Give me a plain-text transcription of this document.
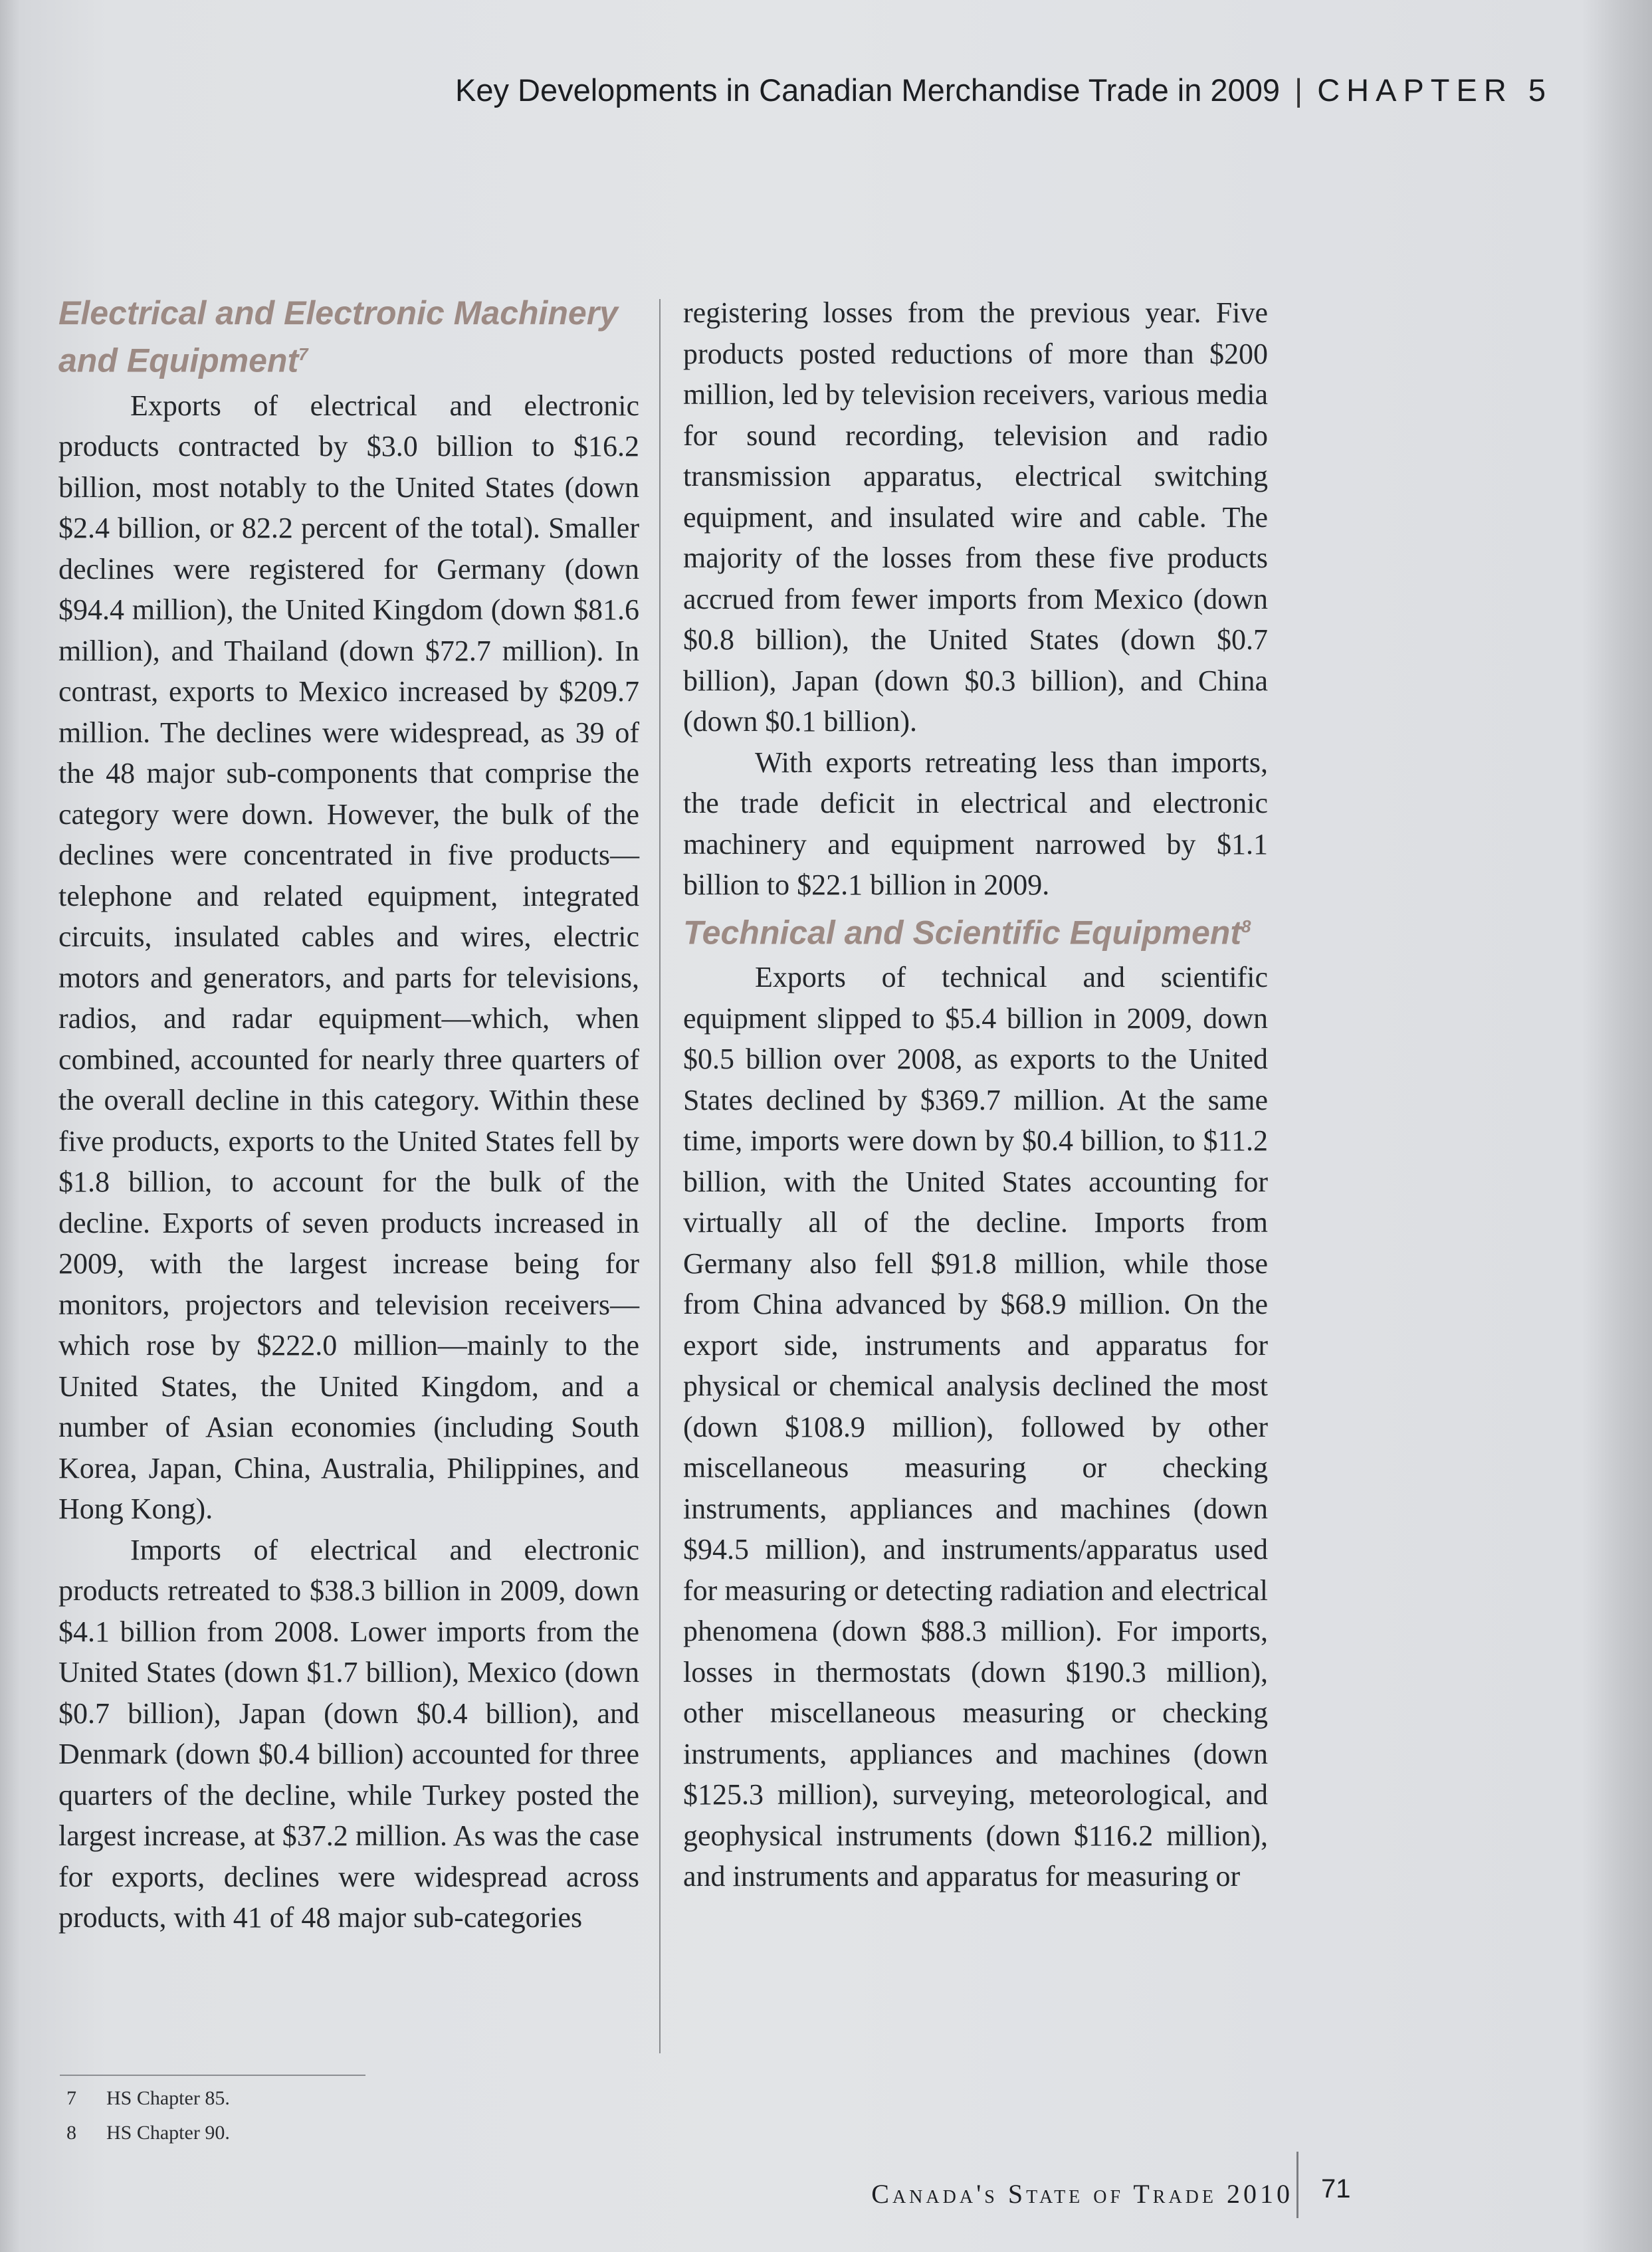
Key Developments in Canadian Merchandise Trade in 2009 | CHAPTER 5
Electrical and Electronic Machinery and Equipment$^7$

Exports of electrical and electronic products contracted by $3.0 billion to $16.2 billion, most notably to the United States (down $2.4 billion, or 82.2 percent of the total). Smaller declines were registered for Germany (down $94.4 million), the United Kingdom (down $81.6 million), and Thailand (down $72.7 million). In contrast, exports to Mexico increased by $209.7 million. The declines were widespread, as 39 of the 48 major sub-components that comprise the category were down. However, the bulk of the declines were concentrated in five products—telephone and related equipment, integrated circuits, insulated cables and wires, electric motors and generators, and parts for televisions, radios, and radar equipment—which, when combined, accounted for nearly three quarters of the overall decline in this category. Within these five products, exports to the United States fell by $1.8 billion, to account for the bulk of the decline. Exports of seven products increased in 2009, with the largest increase being for monitors, projectors and television receivers—which rose by $222.0 million—mainly to the United States, the United Kingdom, and a number of Asian economies (including South Korea, Japan, China, Australia, Philippines, and Hong Kong).

Imports of electrical and electronic products retreated to $38.3 billion in 2009, down $4.1 billion from 2008. Lower imports from the United States (down $1.7 billion), Mexico (down $0.7 billion), Japan (down $0.4 billion), and Denmark (down $0.4 billion) accounted for three quarters of the decline, while Turkey posted the largest increase, at $37.2 million. As was the case for exports, declines were widespread across products, with 41 of 48 major sub-categories

registering losses from the previous year. Five products posted reductions of more than $200 million, led by television receivers, various media for sound recording, television and radio transmission apparatus, electrical switching equipment, and insulated wire and cable. The majority of the losses from these five products accrued from fewer imports from Mexico (down $0.8 billion), the United States (down $0.7 billion), Japan (down $0.3 billion), and China (down $0.1 billion).

With exports retreating less than imports, the trade deficit in electrical and electronic machinery and equipment narrowed by $1.1 billion to $22.1 billion in 2009.

Technical and Scientific Equipment$^8$

Exports of technical and scientific equipment slipped to $5.4 billion in 2009, down $0.5 billion over 2008, as exports to the United States declined by $369.7 million. At the same time, imports were down by $0.4 billion, to $11.2 billion, with the United States accounting for virtually all of the decline. Imports from Germany also fell $91.8 million, while those from China advanced by $68.9 million. On the export side, instruments and apparatus for physical or chemical analysis declined the most (down $108.9 million), followed by other miscellaneous measuring or checking instruments, appliances and machines (down $94.5 million), and instruments/apparatus used for measuring or detecting radiation and electrical phenomena (down $88.3 million). For imports, losses in thermostats (down $190.3 million), other miscellaneous measuring or checking instruments, appliances and machines (down $125.3 million), surveying, meteorological, and geophysical instruments (down $116.2 million), and instruments and apparatus for measuring or

7 HS Chapter 85.
8 HS Chapter 90.
Canada's State of Trade 2010 71
